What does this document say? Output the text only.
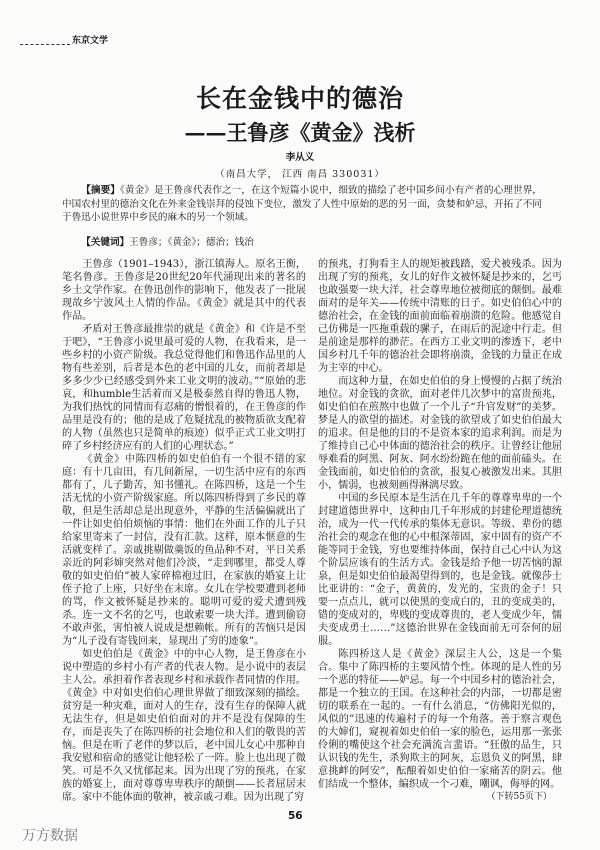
东京文学
长在金钱中的德治
——王鲁彦《黄金》浅析
李从义
（南昌大学， 江西 南昌 330031）
【摘要】《黄金》是王鲁彦代表作之一，在这个短篇小说中，细致的描绘了老中国乡间小有产者的心理世界，中国农村里的德治文化在外来金钱崇拜的侵蚀下变位，激发了人性中原始的恶的另一面，贪婪和妒忌，开拓了不同于鲁迅小说世界中乡民的麻木的另一个领域。
【关键词】王鲁彦；《黄金》；德治；钱治

王鲁彦（1901–1943），浙江镇海人。原名王衡，笔名鲁彦。王鲁彦是20世纪20年代涌现出来的著名的乡土文学作家。在鲁迅创作的影响下，他发表了一批展现故乡宁波风土人情的作品。《黄金》就是其中的代表作品。

矛盾对王鲁彦最推崇的就是《黄金》和《许是不至于吧》，“王鲁彦小说里最可爱的人物，在我看来，是一些乡村的小资产阶级。我总觉得他们和鲁迅作品里的人物有些差别，后者是本色的老中国的儿女，而前者却是多多少少已经感受到外来工业文明的波动。”“原始的悲哀，和humble生活着而又是极泰然自得的鲁迅人物，为我们热忱的同情而有忍痛的憎恨着的，在王鲁彦的作品里是没有的；他的是成了危疑扰乱的被物质欲支配着的人物（虽然也只是简单的痕迹）似乎正式工业文明打碎了乡村经济应有的人们的心理状态。”

《黄金》中陈四桥的如史伯伯有一个很不错的家庭：有十几亩田，有几间新屋，一切生活中应有的东西都有了，儿子勤苦，知书懂礼。在陈四桥，这是一个生活无忧的小资产阶级家庭。所以陈四桥得到了乡民的尊敬，但是生活却总是出现意外，平静的生活偏偏就出了一件让如史伯伯烦恼的事情：他们在外面工作的儿子只给家里寄来了一封信，没有汇款。这样，原本惬意的生活就变样了。亲戚挑剔做羹饭的鱼品种不对，平日关系亲近的阿彩婶突然对他们冷淡，“走到哪里，都受人尊敬的如史伯伯”被人家碎棉袍过旧，在家族的婚宴上让侄子抢了上座，只好坐在末席。女儿在学校要遭到老师的骂，作文被怀疑是抄来的。聪明可爱的爱犬遭到残杀。连一文不名的乞丐，也敢索要一块大洋。遭到偷窃不敢声张，害怕被人说成是想赖帐。所有的苦恼只是因为“儿子没有寄钱回来，显现出了穷的迹象”。

如史伯伯是《黄金》中的中心人物，是王鲁彦在小说中塑造的乡村小有产者的代表人物。是小说中的表层主人公。承担着作者表现乡村和承载作者同情的作用。《黄金》中对如史伯伯心理世界做了细致深刻的描绘。贫穷是一种灾难，面对人的生存，没有生存的保障人就无法生存，但是如史伯伯面对的并不是没有保障的生存，而是丧失了在陈四桥的社会地位和人们的敬畏的苦恼。但是在听了老伴的梦以后，老中国儿女心中那种自我安慰和宿命的感觉让他轻松了一阵。脸上也出现了微笑。可是不久又忧郁起来。因为出现了穷的预兆，在家族的婚宴上，面对尊尊卑卑秩序的颠倒——长者屈居末席。家中不能体面的敬神，被亲戚刁难。因为出现了穷

的预兆，打狗看主人的规矩被践踏，爱犬被残杀。因为出现了穷的预兆，女儿的好作文被怀疑是抄来的，乞丐也敢强要一块大洋，社会尊卑地位被彻底的颠倒。最难面对的是年关——传统中清账的日子。如史伯伯心中的德治社会，在金钱的面前面临着崩溃的危险。他感觉自己仿佛是一匹拖重载的骡子，在雨后的泥途中行走。但是前途是那样的渺茫。在西方工业文明的渗透下，老中国乡村几千年的德治社会即将崩溃，金钱的力量正在成为主宰的中心。

而这种力量，在如史伯伯的身上慢慢的占据了统治地位。对金钱的贪欲，面对老伴几次梦中的富贵预兆，如史伯伯在煎熬中也做了一个儿子“升官发财”的美梦。梦是人的欲望的描述。对金钱的欲望成了如史伯伯最大的追求。但是他的目的不是资本家的追求利润。而是为了维持自己心中体面的德治社会的秩序。让曾经让他屈辱难看的阿黑、阿灰、阿水纷纷跪在他的面前磕头。在金钱面前，如史伯伯的贪欲，报复心被激发出来。其胆小，懦弱，也被刻画得淋漓尽致。

中国的乡民原本是生活在几千年的尊尊卑卑的一个封建道德世界中，这种由几千年形成的封建伦理道德统治，成为一代一代传承的集体无意识。等级、辈份的德治社会的观念在他的心中根深蒂固，家中固有的资产不能等同于金钱，穷也要维持体面，保持自己心中认为这个阶层应该有的生活方式。金钱是给予他一切苦恼的源泉，但是如史伯伯最渴望得到的，也是金钱。就像莎士比亚讲的：“金子，黄黄的，发光的，宝贵的金子！只要一点点儿，就可以使黑的变成白的，丑的变成美的，错的变成对的，卑贱的变成尊贵的，老人变成少年，懦夫变成勇士……”这德治世界在金钱面前无可奈何的屈服。

陈四桥这人是《黄金》深层主人公，这是一个集合。集中了陈四桥的主要风情个性。体现的是人性的另一个恶的特征——妒忌。每一个中国乡村的德治社会，都是一个独立的王国。在这种社会的内部，一切都是密切的联系在一起的。一有什么消息，“仿佛阳光似的，风似的”迅速的传遍村子的每一个角落。善于察言观色的大婶们，窥视着如史伯伯一家的脸色，运用那一张张伶俐的嘴使这个社会充满流言蜚语。“狂傲的品生，只认识钱的先生，杀狗欺主的阿灰，忘恩负义的阿黑，肆意挑衅的阿安”，酝酿着如史伯伯一家痛苦的阴云。他们结成一个整体，编织成一个刁难，嘲讽，侮辱的网。

（下转55页下）

56
万方数据
